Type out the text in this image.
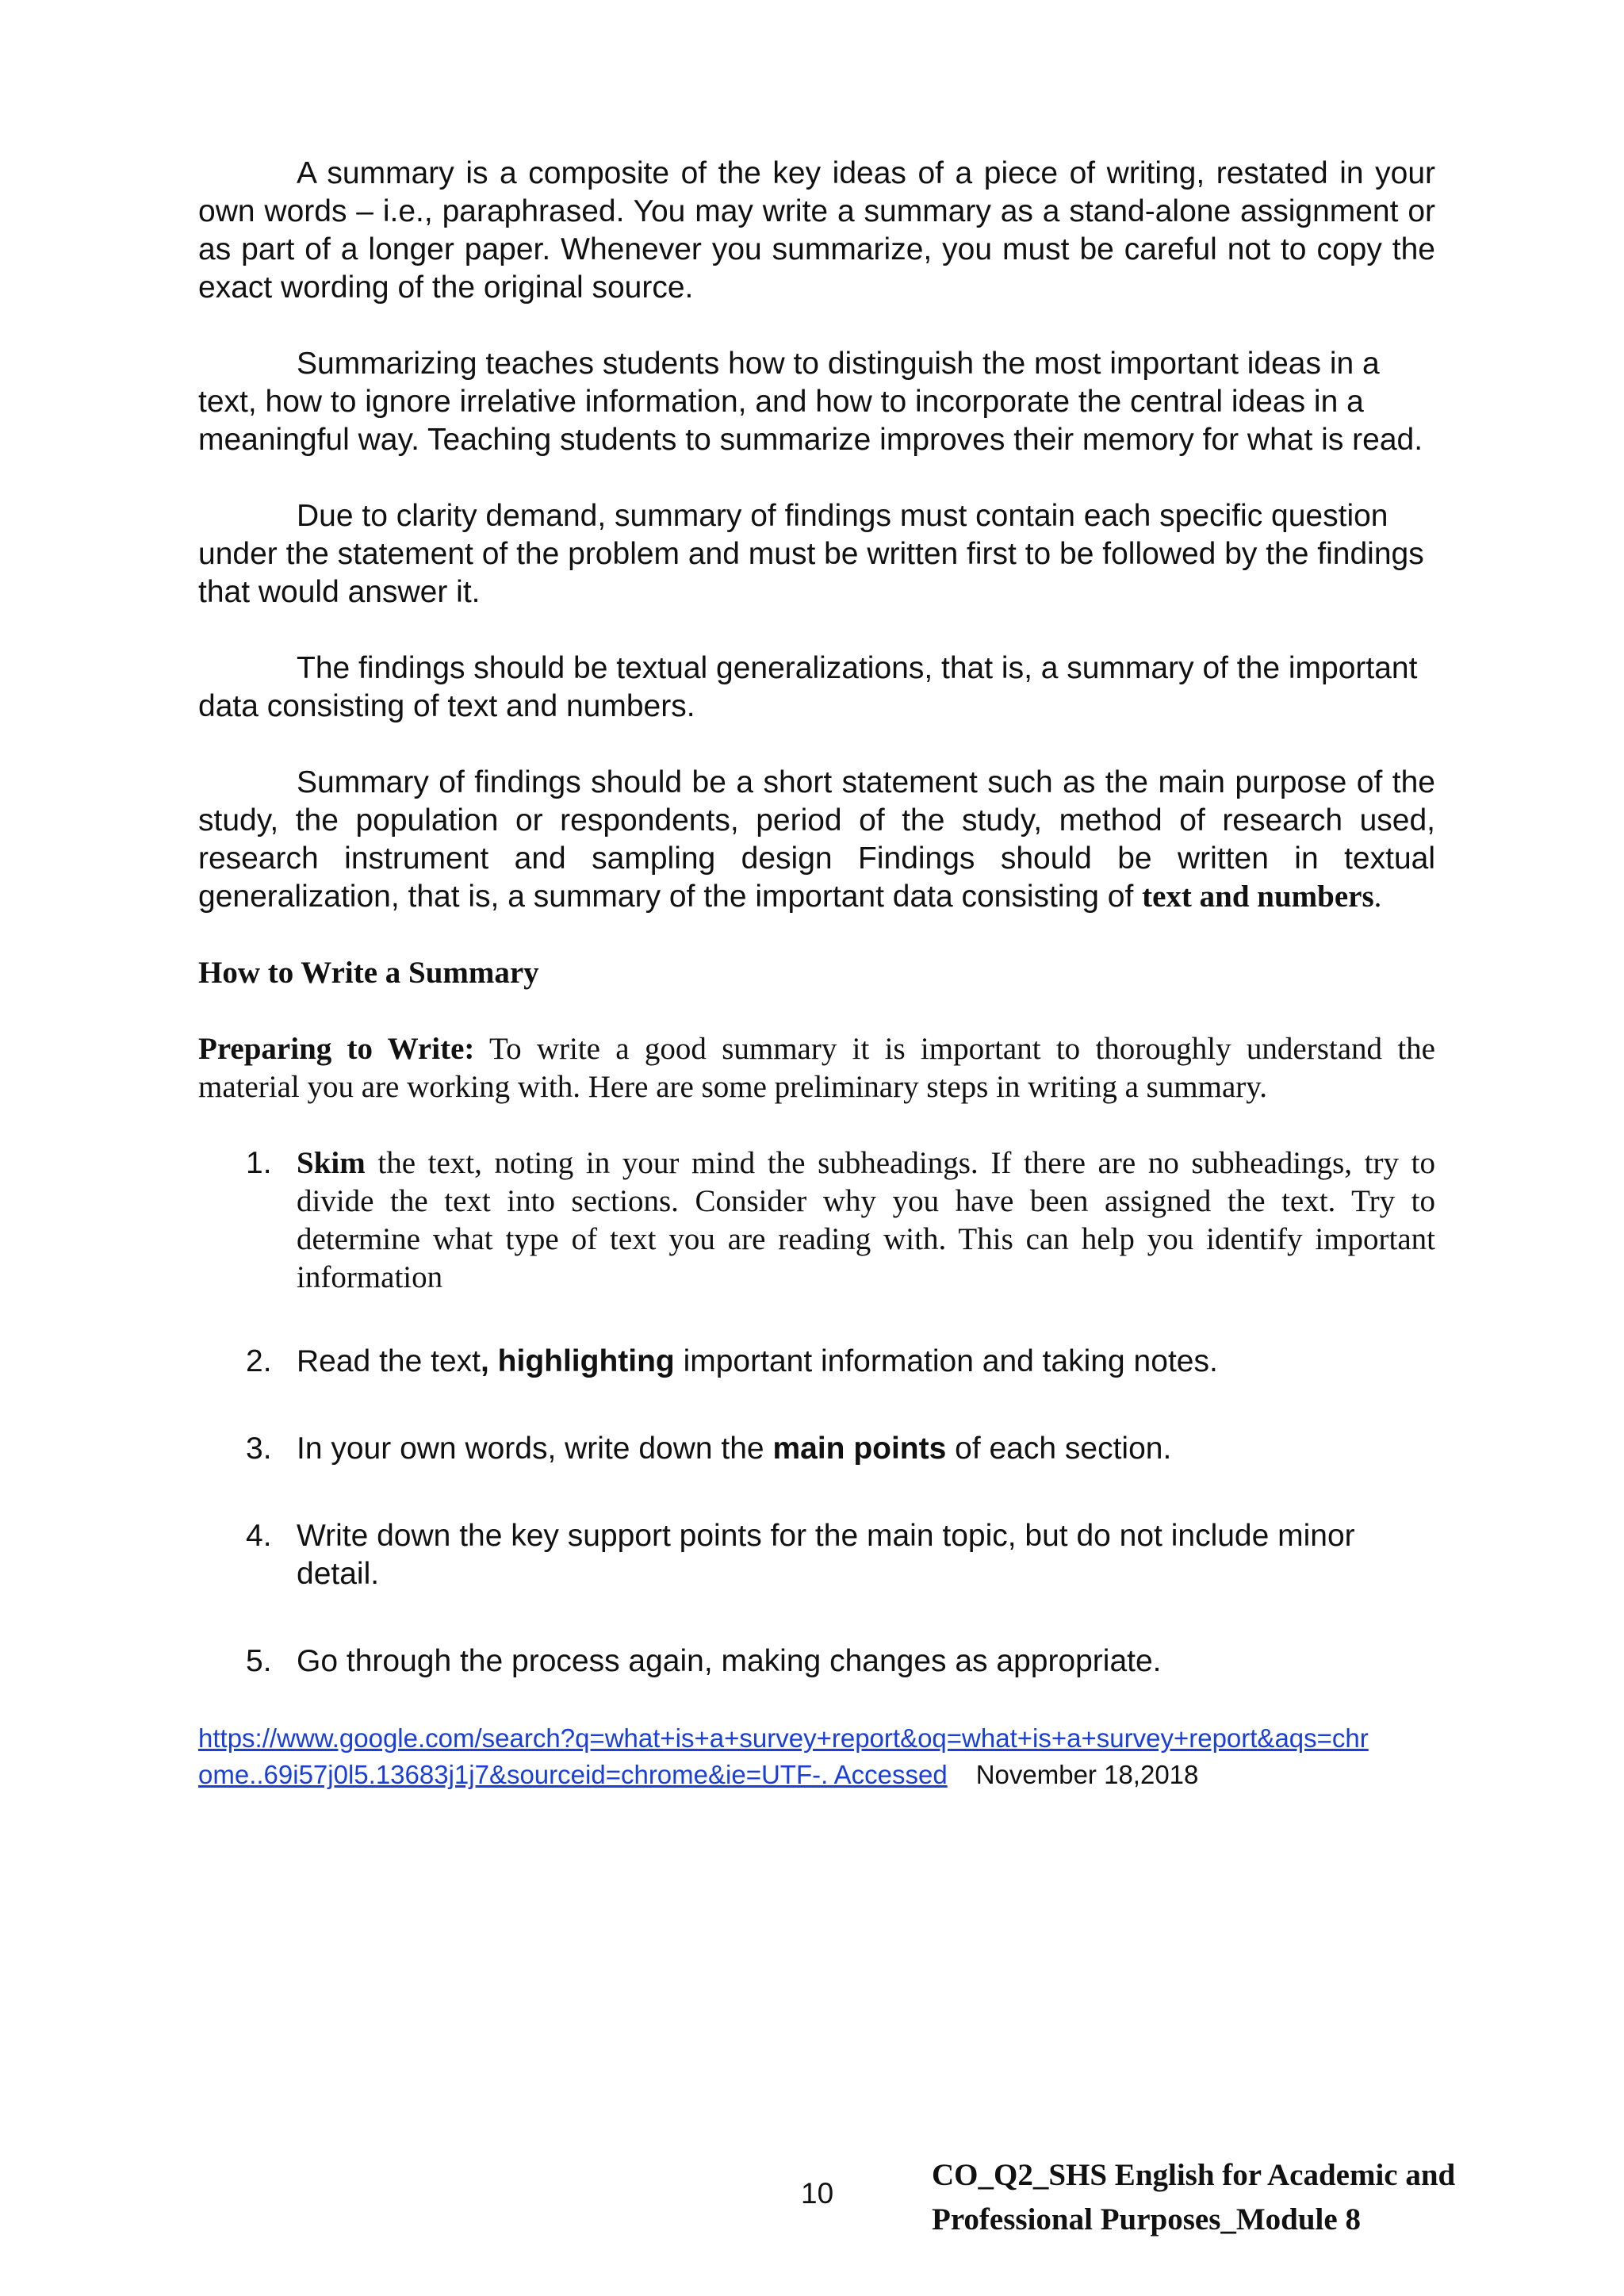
A summary is a composite of the key ideas of a piece of writing, restated in your own words – i.e., paraphrased. You may write a summary as a stand-alone assignment or as part of a longer paper. Whenever you summarize, you must be careful not to copy the exact wording of the original source.

Summarizing teaches students how to distinguish the most important ideas in a text, how to ignore irrelative information, and how to incorporate the central ideas in a meaningful way. Teaching students to summarize improves their memory for what is read.

Due to clarity demand, summary of findings must contain each specific question under the statement of the problem and must be written first to be followed by the findings that would answer it.

The findings should be textual generalizations, that is, a summary of the important data consisting of text and numbers.

Summary of findings should be a short statement such as the main purpose of the study, the population or respondents, period of the study, method of research used, research instrument and sampling design Findings should be written in textual generalization, that is, a summary of the important data consisting of text and numbers.

How to Write a Summary

Preparing to Write: To write a good summary it is important to thoroughly understand the material you are working with. Here are some preliminary steps in writing a summary.

1. Skim the text, noting in your mind the subheadings. If there are no subheadings, try to divide the text into sections. Consider why you have been assigned the text. Try to determine what type of text you are reading with. This can help you identify important information
2. Read the text, highlighting important information and taking notes.
3. In your own words, write down the main points of each section.
4. Write down the key support points for the main topic, but do not include minor detail.
5. Go through the process again, making changes as appropriate.
https://www.google.com/search?q=what+is+a+survey+report&oq=what+is+a+survey+report&aqs=chr
ome..69i57j0l5.13683j1j7&sourceid=chrome&ie=UTF-. Accessed November 18,2018
10
CO_Q2_SHS English for Academic and
Professional Purposes_Module 8
